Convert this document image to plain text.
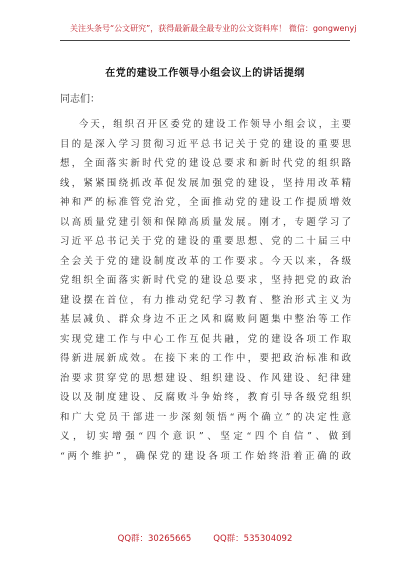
关注头条号“公文研究”，获得最新最全最专业的公文资料库！ 微信：gongwenyj
在党的建设工作领导小组会议上的讲话提纲
同志们：
今天，组织召开区委党的建设工作领导小组会议，主要
目的是深入学习贯彻习近平总书记关于党的建设的重要思
想，全面落实新时代党的建设总要求和新时代党的组织路
线，紧紧围绕抓改革促发展加强党的建设，坚持用改革精
神和严的标准管党治党，全面推动党的建设工作提质增效
以高质量党建引领和保障高质量发展。刚才，专题学习了
习近平总书记关于党的建设的重要思想、党的二十届三中
全会关于党的建设制度改革的工作要求。今天以来，各级
党组织全面落实新时代党的建设总要求，坚持把党的政治
建设摆在首位，有力推动党纪学习教育、整治形式主义为
基层减负、群众身边不正之风和腐败问题集中整治等工作
实现党建工作与中心工作互促共融，党的建设各项工作取
得新进展新成效。在接下来的工作中，要把政治标准和政
治要求贯穿党的思想建设、组织建设、作风建设、纪律建
设以及制度建设、反腐败斗争始终，教育引导各级党组织
和广大党员干部进一步深刻领悟“两个确立”的决定性意
义，切实增强“四个意识”、坚定“四个自信”、做到
“两个维护”，确保党的建设各项工作始终沿着正确的政
QQ群：30265665	QQ群：535304092
